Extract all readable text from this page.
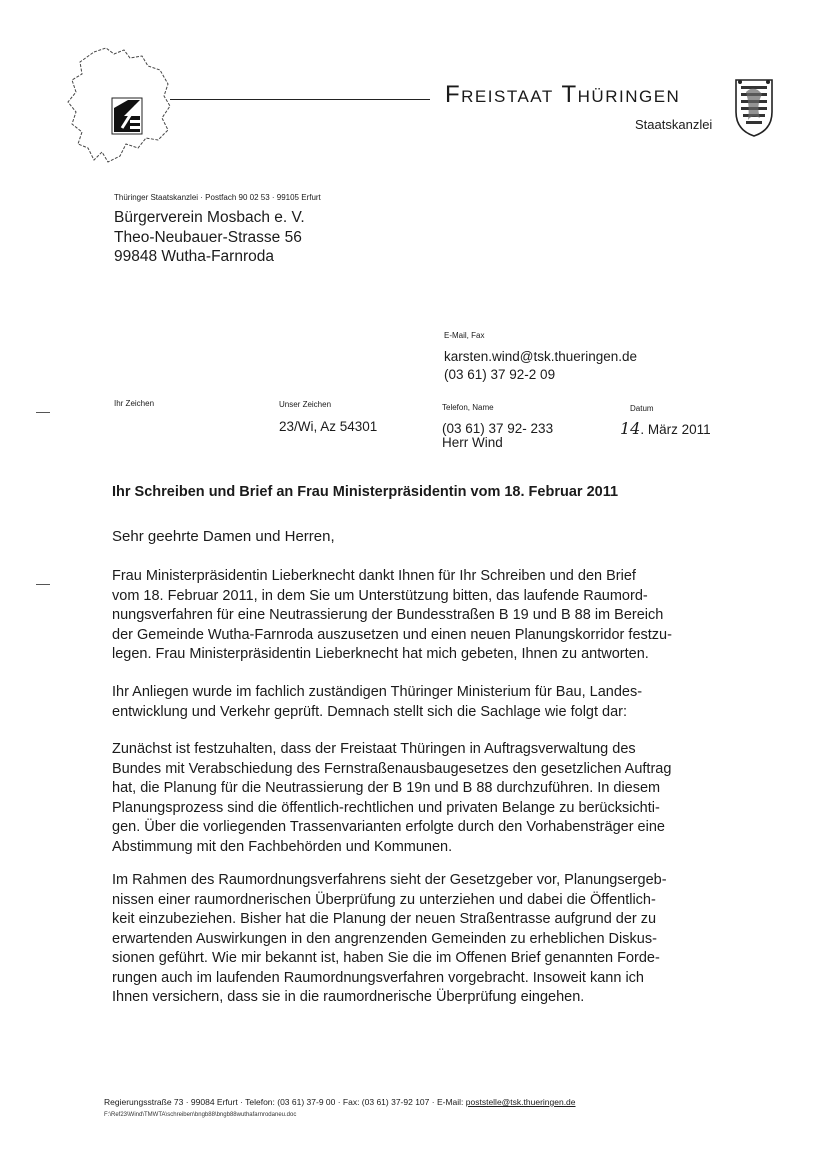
Freistaat Thüringen
Staatskanzlei
Thüringer Staatskanzlei · Postfach 90 02 53 · 99105 Erfurt
Bürgerverein Mosbach e. V.
Theo-Neubauer-Strasse 56
99848 Wutha-Farnroda
E-Mail, Fax
karsten.wind@tsk.thueringen.de
(03 61) 37 92-2 09
Ihr Zeichen	Unser Zeichen
23/Wi, Az 54301
Telefon, Name
(03 61) 37 92- 233
Herr Wind
Datum
14. März 2011
Ihr Schreiben und Brief an Frau Ministerpräsidentin vom 18. Februar 2011
Sehr geehrte Damen und Herren,
Frau Ministerpräsidentin Lieberknecht dankt Ihnen für Ihr Schreiben und den Brief
vom 18. Februar 2011, in dem Sie um Unterstützung bitten, das laufende Raumord-
nungsverfahren für eine Neutrassierung der Bundesstraßen B 19 und B 88 im Bereich
der Gemeinde Wutha-Farnroda auszusetzen und einen neuen Planungskorridor festzu-
legen. Frau Ministerpräsidentin Lieberknecht hat mich gebeten, Ihnen zu antworten.
Ihr Anliegen wurde im fachlich zuständigen Thüringer Ministerium für Bau, Landes-
entwicklung und Verkehr geprüft. Demnach stellt sich die Sachlage wie folgt dar:
Zunächst ist festzuhalten, dass der Freistaat Thüringen in Auftragsverwaltung des
Bundes mit Verabschiedung des Fernstraßenausbaugesetzes den gesetzlichen Auftrag
hat, die Planung für die Neutrassierung der B 19n und B 88 durchzuführen. In diesem
Planungsprozess sind die öffentlich-rechtlichen und privaten Belange zu berücksichti-
gen. Über die vorliegenden Trassenvarianten erfolgte durch den Vorhabensträger eine
Abstimmung mit den Fachbehörden und Kommunen.
Im Rahmen des Raumordnungsverfahrens sieht der Gesetzgeber vor, Planungsergeb-
nissen einer raumordnerischen Überprüfung zu unterziehen und dabei die Öffentlich-
keit einzubeziehen. Bisher hat die Planung der neuen Straßentrasse aufgrund der zu
erwartenden Auswirkungen in den angrenzenden Gemeinden zu erheblichen Diskus-
sionen geführt. Wie mir bekannt ist, haben Sie die im Offenen Brief genannten Forde-
rungen auch im laufenden Raumordnungsverfahren vorgebracht. Insoweit kann ich
Ihnen versichern, dass sie in die raumordnerische Überprüfung eingehen.
Regierungsstraße 73 · 99084 Erfurt · Telefon: (03 61) 37-9 00 · Fax: (03 61) 37-92 107 · E-Mail: poststelle@tsk.thueringen.de
F:\Ref23\Wind\TMWTA\schreiben\bngb88\bngb88wuthafarnrodaneu.doc
